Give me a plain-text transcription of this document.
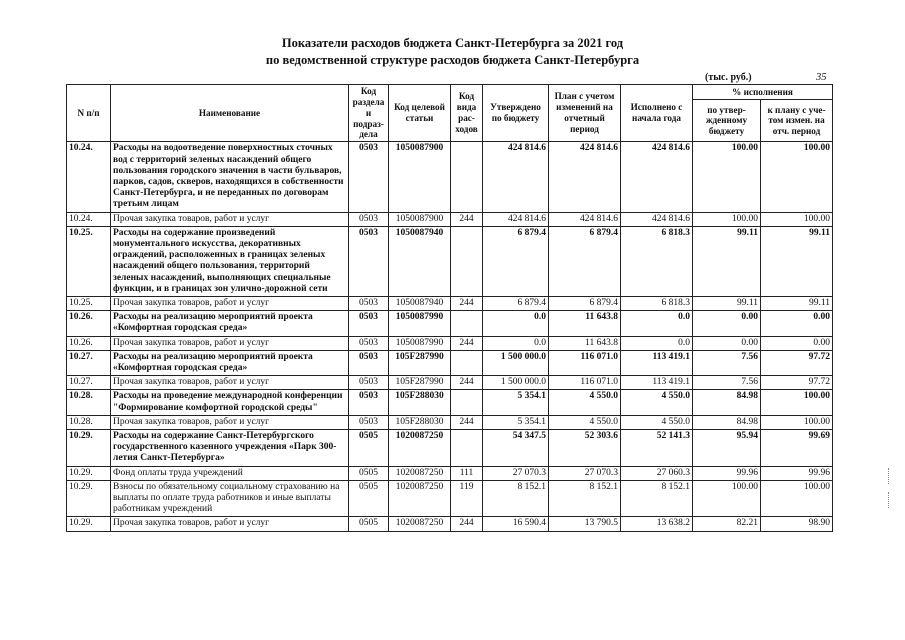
Показатели расходов бюджета Санкт-Петербурга за 2021 год
по ведомственной структуре расходов бюджета Санкт-Петербурга
(тыс. руб.)	35
N п/п	Наименование	Код раздела и подраз-дела	Код целевой статьи	Код вида рас-ходов	Утверждено по бюджету	План с учетом изменений на отчетный период	Исполнено с начала года	% исполнения	
								по утвер-жденному бюджету	к плану с уче-том измен. на отч. период
10.24.	Расходы на водоотведение поверхностных сточных вод с территорий зеленых насаждений общего пользования городского значения в части бульваров, парков, садов, скверов, находящихся в собственности Санкт-Петербурга, и не переданных по договорам третьим лицам	0503	1050087900		424 814.6	424 814.6	424 814.6	100.00	100.00
10.24.	Прочая закупка товаров, работ и услуг	0503	1050087900	244	424 814.6	424 814.6	424 814.6	100.00	100.00
10.25.	Расходы на содержание произведений монументального искусства, декоративных ограждений, расположенных в границах зеленых насаждений общего пользования, территорий зеленых насаждений, выполняющих специальные функции, и в границах зон улично-дорожной сети	0503	1050087940		6 879.4	6 879.4	6 818.3	99.11	99.11
10.25.	Прочая закупка товаров, работ и услуг	0503	1050087940	244	6 879.4	6 879.4	6 818.3	99.11	99.11
10.26.	Расходы на реализацию мероприятий проекта «Комфортная городская среда»	0503	1050087990		0.0	11 643.8	0.0	0.00	0.00
10.26.	Прочая закупка товаров, работ и услуг	0503	1050087990	244	0.0	11 643.8	0.0	0.00	0.00
10.27.	Расходы на реализацию мероприятий проекта «Комфортная городская среда»	0503	105F287990		1 500 000.0	116 071.0	113 419.1	7.56	97.72
10.27.	Прочая закупка товаров, работ и услуг	0503	105F287990	244	1 500 000.0	116 071.0	113 419.1	7.56	97.72
10.28.	Расходы на проведение международной конференции "Формирование комфортной городской среды"	0503	105F288030		5 354.1	4 550.0	4 550.0	84.98	100.00
10.28.	Прочая закупка товаров, работ и услуг	0503	105F288030	244	5 354.1	4 550.0	4 550.0	84.98	100.00
10.29.	Расходы на содержание Санкт-Петербургского государственного казенного учреждения «Парк 300-летия Санкт-Петербурга»	0505	1020087250		54 347.5	52 303.6	52 141.3	95.94	99.69
10.29.	Фонд оплаты труда учреждений	0505	1020087250	111	27 070.3	27 070.3	27 060.3	99.96	99.96
10.29.	Взносы по обязательному социальному страхованию на выплаты по оплате труда работников и иные выплаты работникам учреждений	0505	1020087250	119	8 152.1	8 152.1	8 152.1	100.00	100.00
10.29.	Прочая закупка товаров, работ и услуг	0505	1020087250	244	16 590.4	13 790.5	13 638.2	82.21	98.90
